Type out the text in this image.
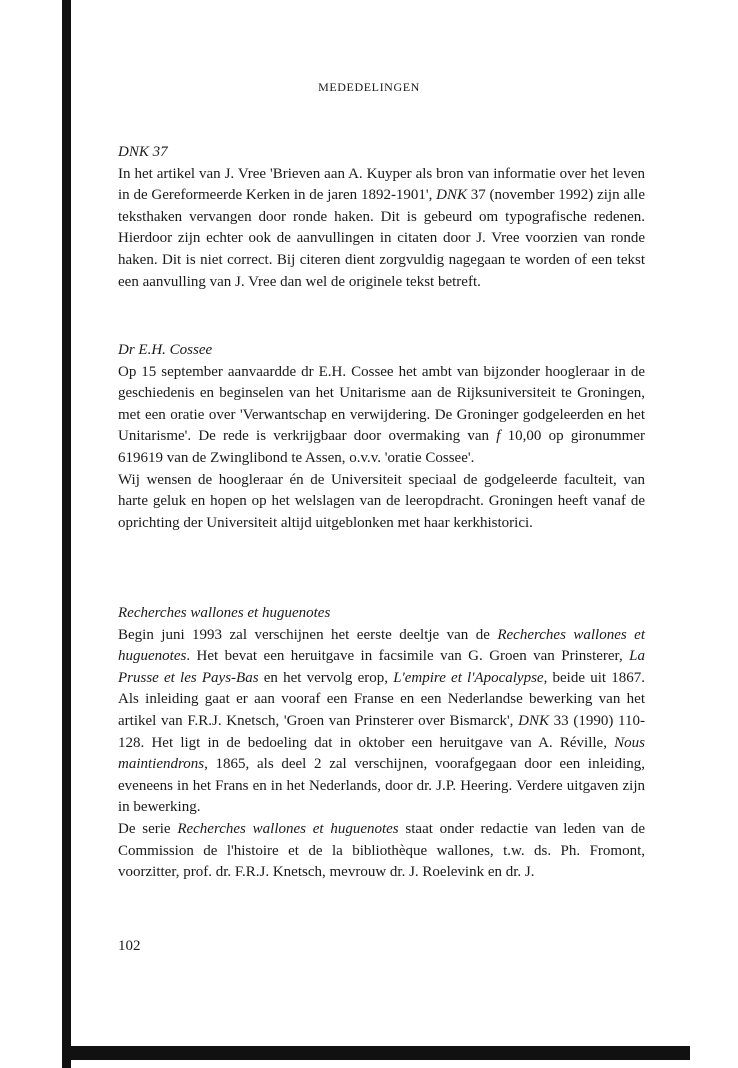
MEDEDELINGEN
DNK 37

In het artikel van J. Vree 'Brieven aan A. Kuyper als bron van informatie over het leven in de Gereformeerde Kerken in de jaren 1892-1901', DNK 37 (november 1992) zijn alle teksthaken vervangen door ronde haken. Dit is gebeurd om typografische redenen. Hierdoor zijn echter ook de aanvullingen in citaten door J. Vree voorzien van ronde haken. Dit is niet correct. Bij citeren dient zorgvuldig nagegaan te worden of een tekst een aanvulling van J. Vree dan wel de originele tekst betreft.

Dr E.H. Cossee

Op 15 september aanvaardde dr E.H. Cossee het ambt van bijzonder hoogleraar in de geschiedenis en beginselen van het Unitarisme aan de Rijksuniversiteit te Groningen, met een oratie over 'Verwantschap en verwijdering. De Groninger godgeleerden en het Unitarisme'. De rede is verkrijgbaar door overmaking van f 10,00 op gironummer 619619 van de Zwinglibond te Assen, o.v.v. 'oratie Cossee'.

Wij wensen de hoogleraar én de Universiteit speciaal de godgeleerde faculteit, van harte geluk en hopen op het welslagen van de leeropdracht. Groningen heeft vanaf de oprichting der Universiteit altijd uitgeblonken met haar kerkhistorici.

Recherches wallones et huguenotes

Begin juni 1993 zal verschijnen het eerste deeltje van de Recherches wallones et huguenotes. Het bevat een heruitgave in facsimile van G. Groen van Prinsterer, La Prusse et les Pays-Bas en het vervolg erop, L'empire et l'Apocalypse, beide uit 1867. Als inleiding gaat er aan vooraf een Franse en een Nederlandse bewerking van het artikel van F.R.J. Knetsch, 'Groen van Prinsterer over Bismarck', DNK 33 (1990) 110-128. Het ligt in de bedoeling dat in oktober een heruitgave van A. Réville, Nous maintiendrons, 1865, als deel 2 zal verschijnen, voorafgegaan door een inleiding, eveneens in het Frans en in het Nederlands, door dr. J.P. Heering. Verdere uitgaven zijn in bewerking.

De serie Recherches wallones et huguenotes staat onder redactie van leden van de Commission de l'histoire et de la bibliothèque wallones, t.w. ds. Ph. Fromont, voorzitter, prof. dr. F.R.J. Knetsch, mevrouw dr. J. Roelevink en dr. J.

102
